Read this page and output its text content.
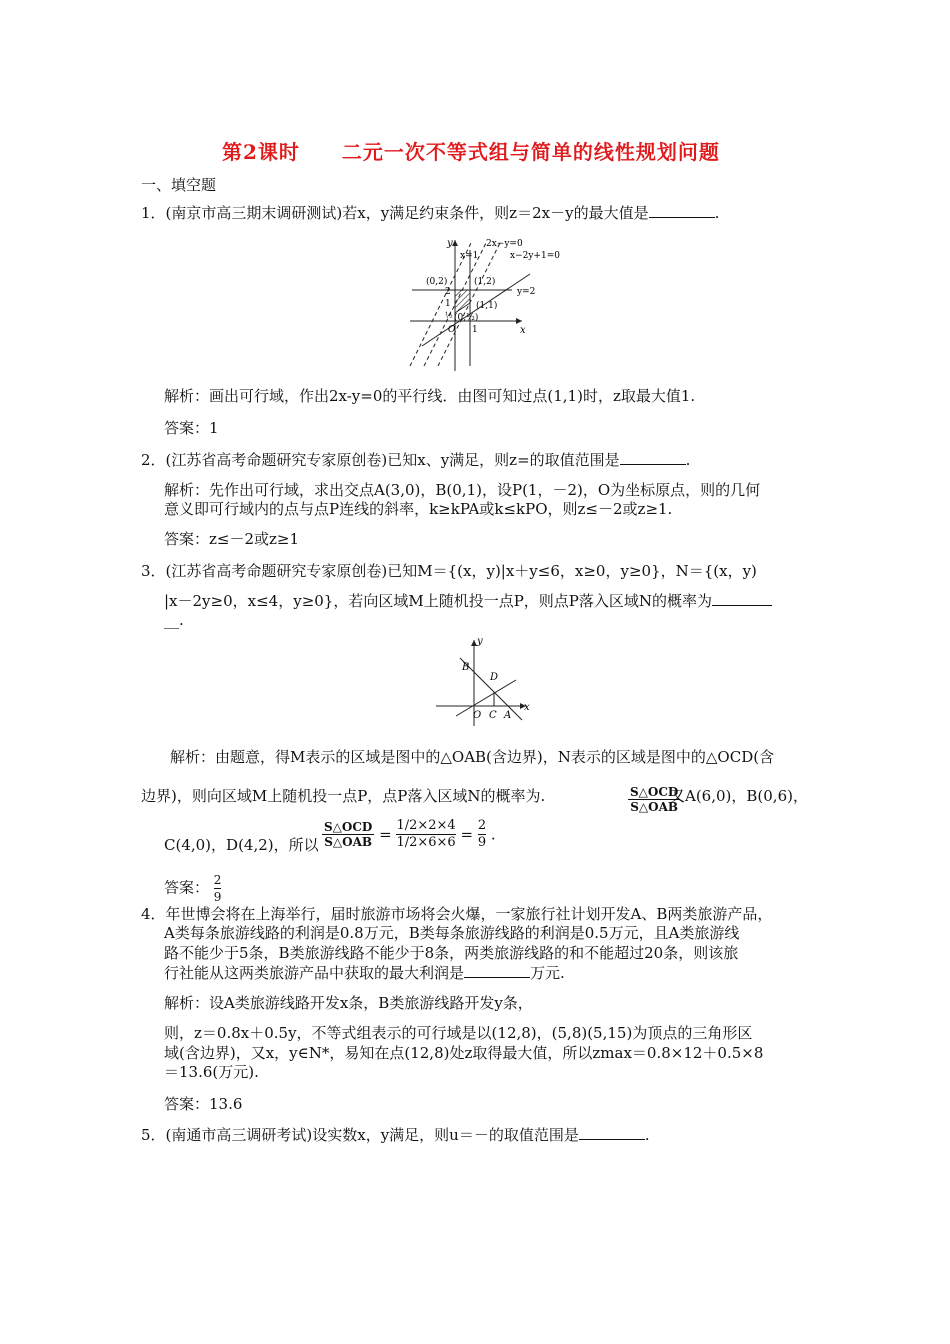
第2课时　　二元一次不等式组与简单的线性规划问题
一、填空题
1．(南京市高三期末调研测试)若x，y满足约束条件，则z＝2x－y的最大值是	.
y
x
2x−y=0
x=1	x−2y+1=0
y=2
(0,2)	(1,2)
(1,1)
(0,½)
2
1
½
O 1
解析：画出可行域，作出2x-y=0的平行线．由图可知过点(1,1)时，z取最大值1.
答案：1
2．(江苏省高考命题研究专家原创卷)已知x、y满足，则z=的取值范围是	.
解析：先作出可行域，求出交点A(3,0)，B(0,1)，设P(1，－2)，O为坐标原点，则的几何
意义即可行域内的点与点P连线的斜率，k≥kPA或k≤kPO，则z≤－2或z≥1.
答案：z≤－2或z≥1
3．(江苏省高考命题研究专家原创卷)已知M＝{(x，y)|x＋y≤6，x≥0，y≥0}，N＝{(x，y)
|x－2y≥0，x≤4，y≥0}，若向区域M上随机投一点P，则点P落入区域N的概率为
__.
y
x
B
D
O C A
解析：由题意，得M表示的区域是图中的△OAB(含边界)，N表示的区域是图中的△OCD(含
边界)，则向区域M上随机投一点P，点P落入区域N的概率为.	$\frac{\text{S△OCD}}{\text{S△OAB}}$
又A(6,0)，B(0,6)，
C(4,0)，D(4,2)，所以 $\frac{\text{S△OCD}}{\text{S△OAB}} = \frac{1/2\times 2\times 4}{1/2\times 6\times 6} = \frac{2}{9}$ .
答案： $\frac{2}{9}$
4．年世博会将在上海举行，届时旅游市场将会火爆，一家旅行社计划开发A、B两类旅游产品，
A类每条旅游线路的利润是0.8万元，B类每条旅游线路的利润是0.5万元，且A类旅游线
路不能少于5条，B类旅游线路不能少于8条，两类旅游线路的和不能超过20条，则该旅
行社能从这两类旅游产品中获取的最大利润是	万元.
解析：设A类旅游线路开发x条，B类旅游线路开发y条，
则，z＝0.8x＋0.5y，不等式组表示的可行域是以(12,8)，(5,8)(5,15)为顶点的三角形区
域(含边界)，又x，y∈N*，易知在点(12,8)处z取得最大值，所以zmax＝0.8×12＋0.5×8
＝13.6(万元).
答案：13.6
5．(南通市高三调研考试)设实数x，y满足，则u＝－的取值范围是	.
